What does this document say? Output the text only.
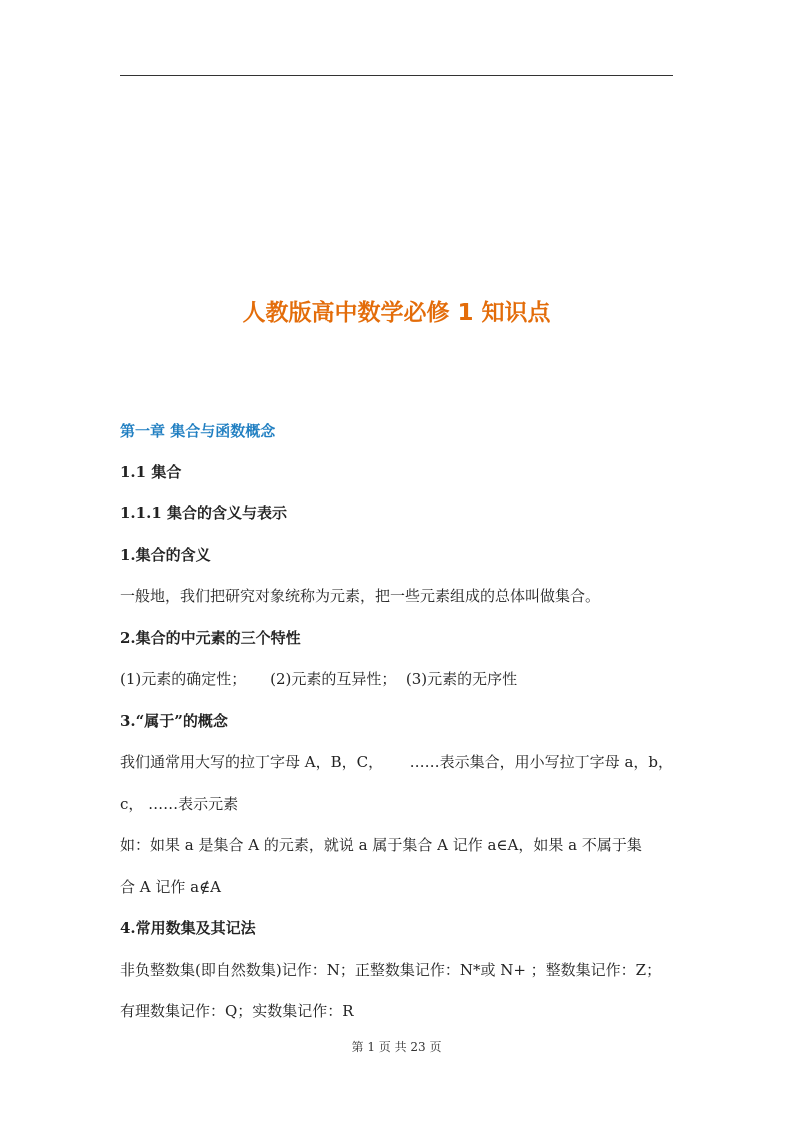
人教版高中数学必修 1 知识点
第一章 集合与函数概念
1.1 集合
1.1.1 集合的含义与表示
1.集合的含义
一般地，我们把研究对象统称为元素，把一些元素组成的总体叫做集合。
2.集合的中元素的三个特性
(1)元素的确定性； (2)元素的互异性； (3)元素的无序性
3.“属于”的概念
我们通常用大写的拉丁字母 A，B，C， ……表示集合，用小写拉丁字母 a，b，
c， ……表示元素
如：如果 a 是集合 A 的元素，就说 a 属于集合 A 记作 a∈A，如果 a 不属于集
合 A 记作 a∉A
4.常用数集及其记法
非负整数集(即自然数集)记作：N；正整数集记作：N*或 N+ ；整数集记作：Z；
有理数集记作：Q；实数集记作：R
第 1 页 共 23 页
